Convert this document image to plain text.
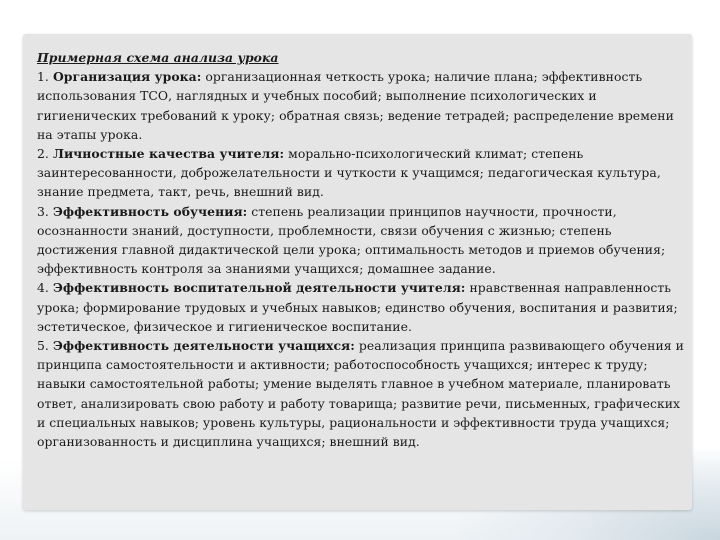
Примерная схема анализа урока
1. Организация урока: организационная четкость урока; наличие плана; эффективность использования ТСО, наглядных и учебных пособий; выполнение психологических и гигиенических требований к уроку; обратная связь; ведение тетрадей; распределение времени на этапы урока.
2. Личностные качества учителя: морально-психологический климат; степень заинтересованности, доброжелательности и чуткости к учащимся; педагогическая культура, знание предмета, такт, речь, внешний вид.
3. Эффективность обучения: степень реализации принципов научности, прочности, осознанности знаний, доступности, проблемности, связи обучения с жизнью; степень достижения главной дидактической цели урока; оптимальность методов и приемов обучения; эффективность контроля за знаниями учащихся; домашнее задание.
4. Эффективность воспитательной деятельности учителя: нравственная направленность урока; формирование трудовых и учебных навыков; единство обучения, воспитания и развития; эстетическое, физическое и гигиеническое воспитание.
5. Эффективность деятельности учащихся: реализация принципа развивающего обучения и принципа самостоятельности и активности; работоспособность учащихся; интерес к труду; навыки самостоятельной работы; умение выделять главное в учебном материале, планировать ответ, анализировать свою работу и работу товарища; развитие речи, письменных, графических и специальных навыков; уровень культуры, рациональности и эффективности труда учащихся; организованность и дисциплина учащихся; внешний вид.
